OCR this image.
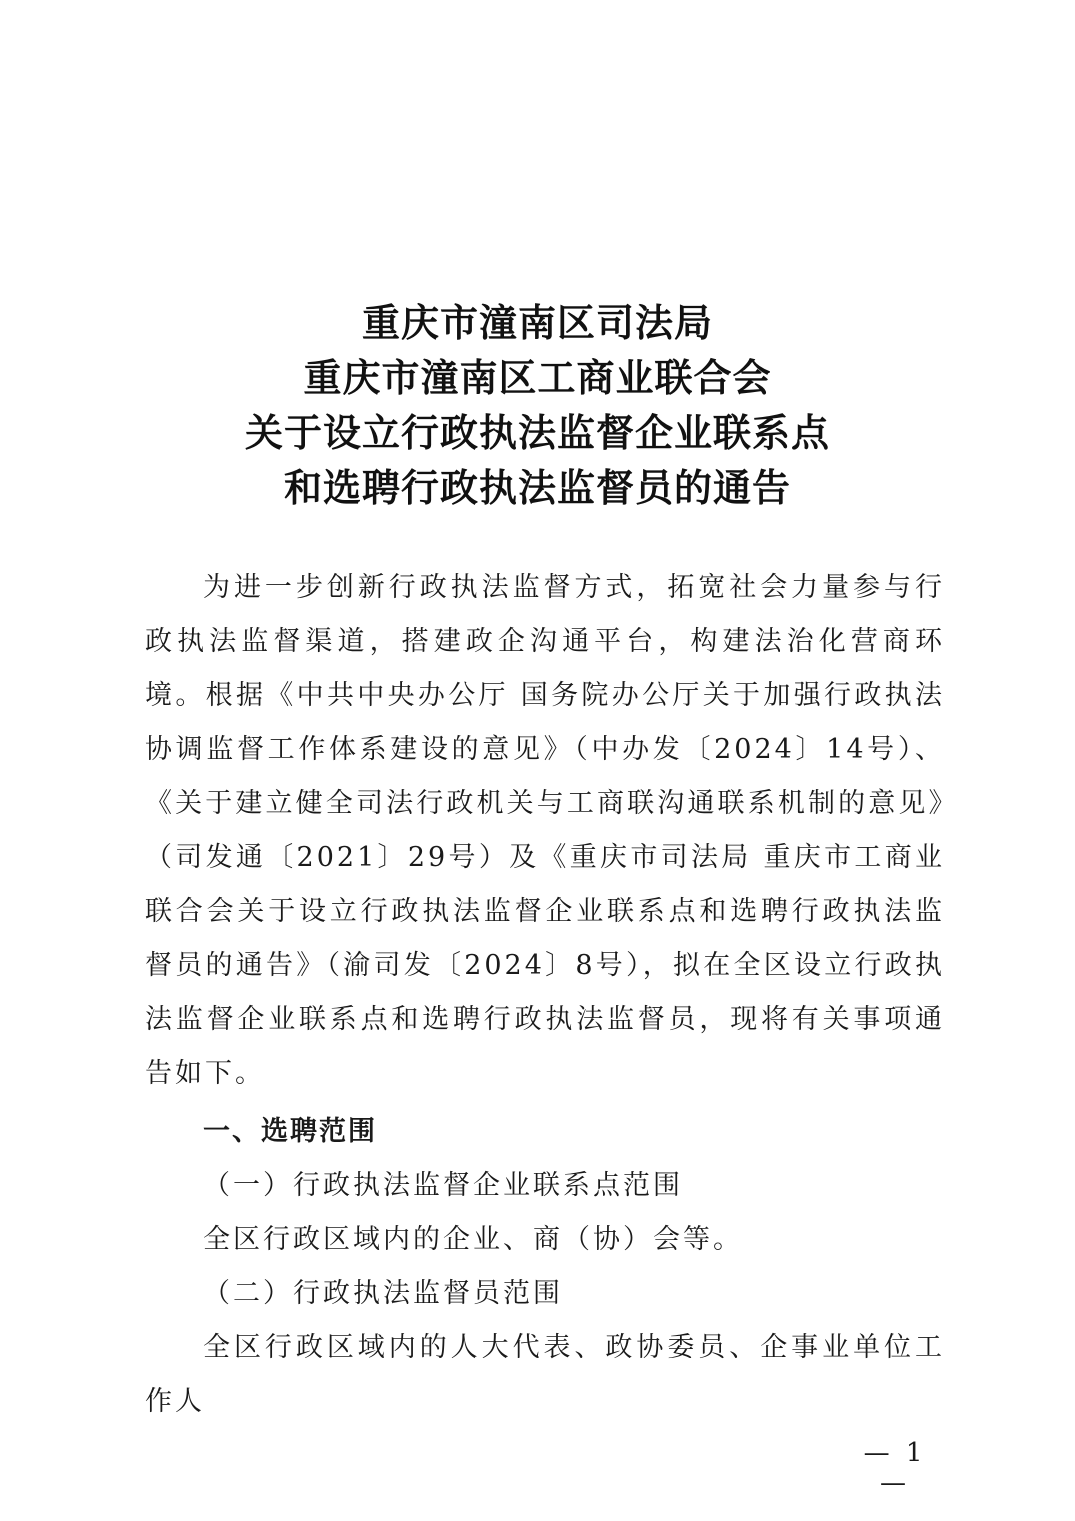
重庆市潼南区司法局
重庆市潼南区工商业联合会
关于设立行政执法监督企业联系点
和选聘行政执法监督员的通告

为进一步创新行政执法监督方式，拓宽社会力量参与行政执法监督渠道，搭建政企沟通平台，构建法治化营商环境。根据《中共中央办公厅 国务院办公厅关于加强行政执法协调监督工作体系建设的意见》（中办发〔2024〕14号）、《关于建立健全司法行政机关与工商联沟通联系机制的意见》（司发通〔2021〕29号）及《重庆市司法局 重庆市工商业联合会关于设立行政执法监督企业联系点和选聘行政执法监督员的通告》（渝司发〔2024〕8号），拟在全区设立行政执法监督企业联系点和选聘行政执法监督员，现将有关事项通告如下。

一、选聘范围

（一）行政执法监督企业联系点范围

全区行政区域内的企业、商（协）会等。

（二）行政执法监督员范围

全区行政区域内的人大代表、政协委员、企事业单位工作人

— 1 —
